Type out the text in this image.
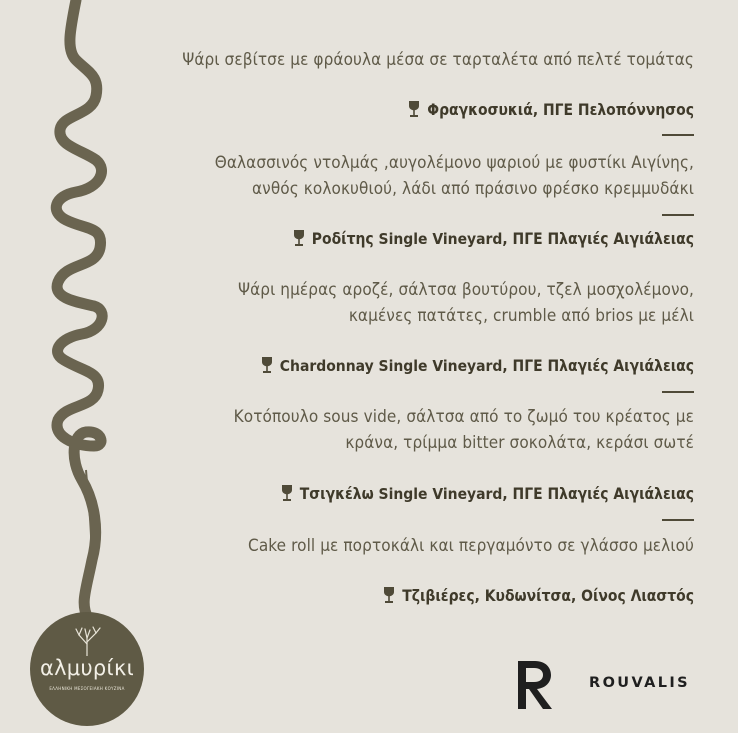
Ψάρι σεβίτσε με φράουλα μέσα σε ταρταλέτα από πελτέ τομάτας
Φραγκοσυκιά, ΠΓΕ Πελοπόννησος
Θαλασσινός ντολμάς ,αυγολέμονο ψαριού με φυστίκι Αιγίνης,
ανθός κολοκυθιού, λάδι από πράσινο φρέσκο κρεμμυδάκι
Ροδίτης Single Vineyard, ΠΓΕ Πλαγιές Αιγιάλειας
Ψάρι ημέρας αροζέ, σάλτσα βουτύρου, τζελ μοσχολέμονο,
καμένες πατάτες, crumble από brios με μέλι
Chardonnay Single Vineyard, ΠΓΕ Πλαγιές Αιγιάλειας
Κοτόπουλο sous vide, σάλτσα από το ζωμό του κρέατος με
κράνα, τρίμμα bitter σοκολάτα, κεράσι σωτέ
Τσιγκέλω Single Vineyard, ΠΓΕ Πλαγιές Αιγιάλειας
Cake roll με πορτοκάλι και περγαμόντο σε γλάσσο μελιού
Τζιβιέρες, Κυδωνίτσα, Οίνος Λιαστός
αλμυρίκι
ΕΛΛΗΝΙΚΗ ΜΕΣΟΓΕΙΑΚΗ ΚΟΥΖΙΝΑ	ROUVALIS
